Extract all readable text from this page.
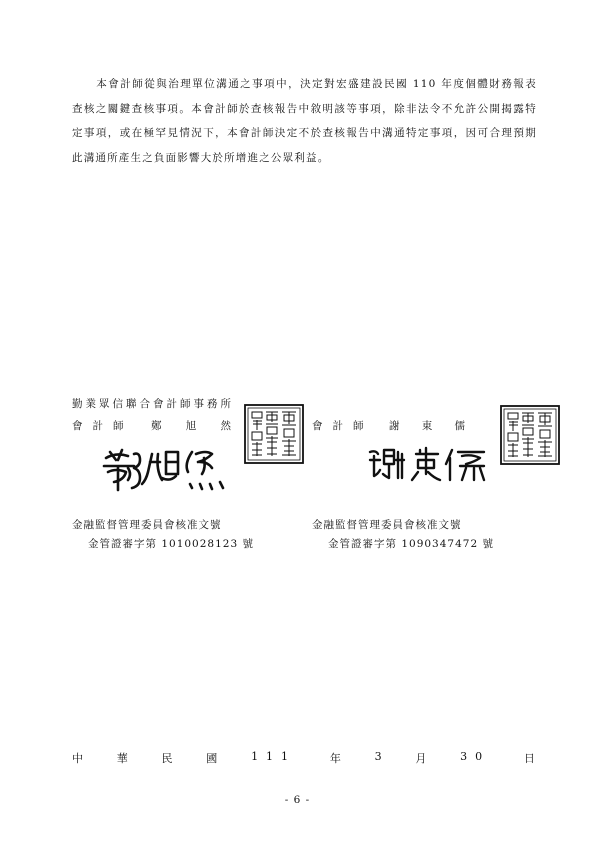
本會計師從與治理單位溝通之事項中，決定對宏盛建設民國 110 年度個體財務報表查核之關鍵查核事項。本會計師於查核報告中敘明該等事項，除非法令不允許公開揭露特定事項，或在極罕見情況下，本會計師決定不於查核報告中溝通特定事項，因可合理預期此溝通所產生之負面影響大於所增進之公眾利益。
勤業眾信聯合會計師事務所
會計師 鄭 旭 然	會計師 謝 東 儒
金融監督管理委員會核准文號
金管證審字第 1010028123 號
金融監督管理委員會核准文號
金管證審字第 1090347472 號
中	華	民	國	111	年	3	月	30	日
- 6 -
